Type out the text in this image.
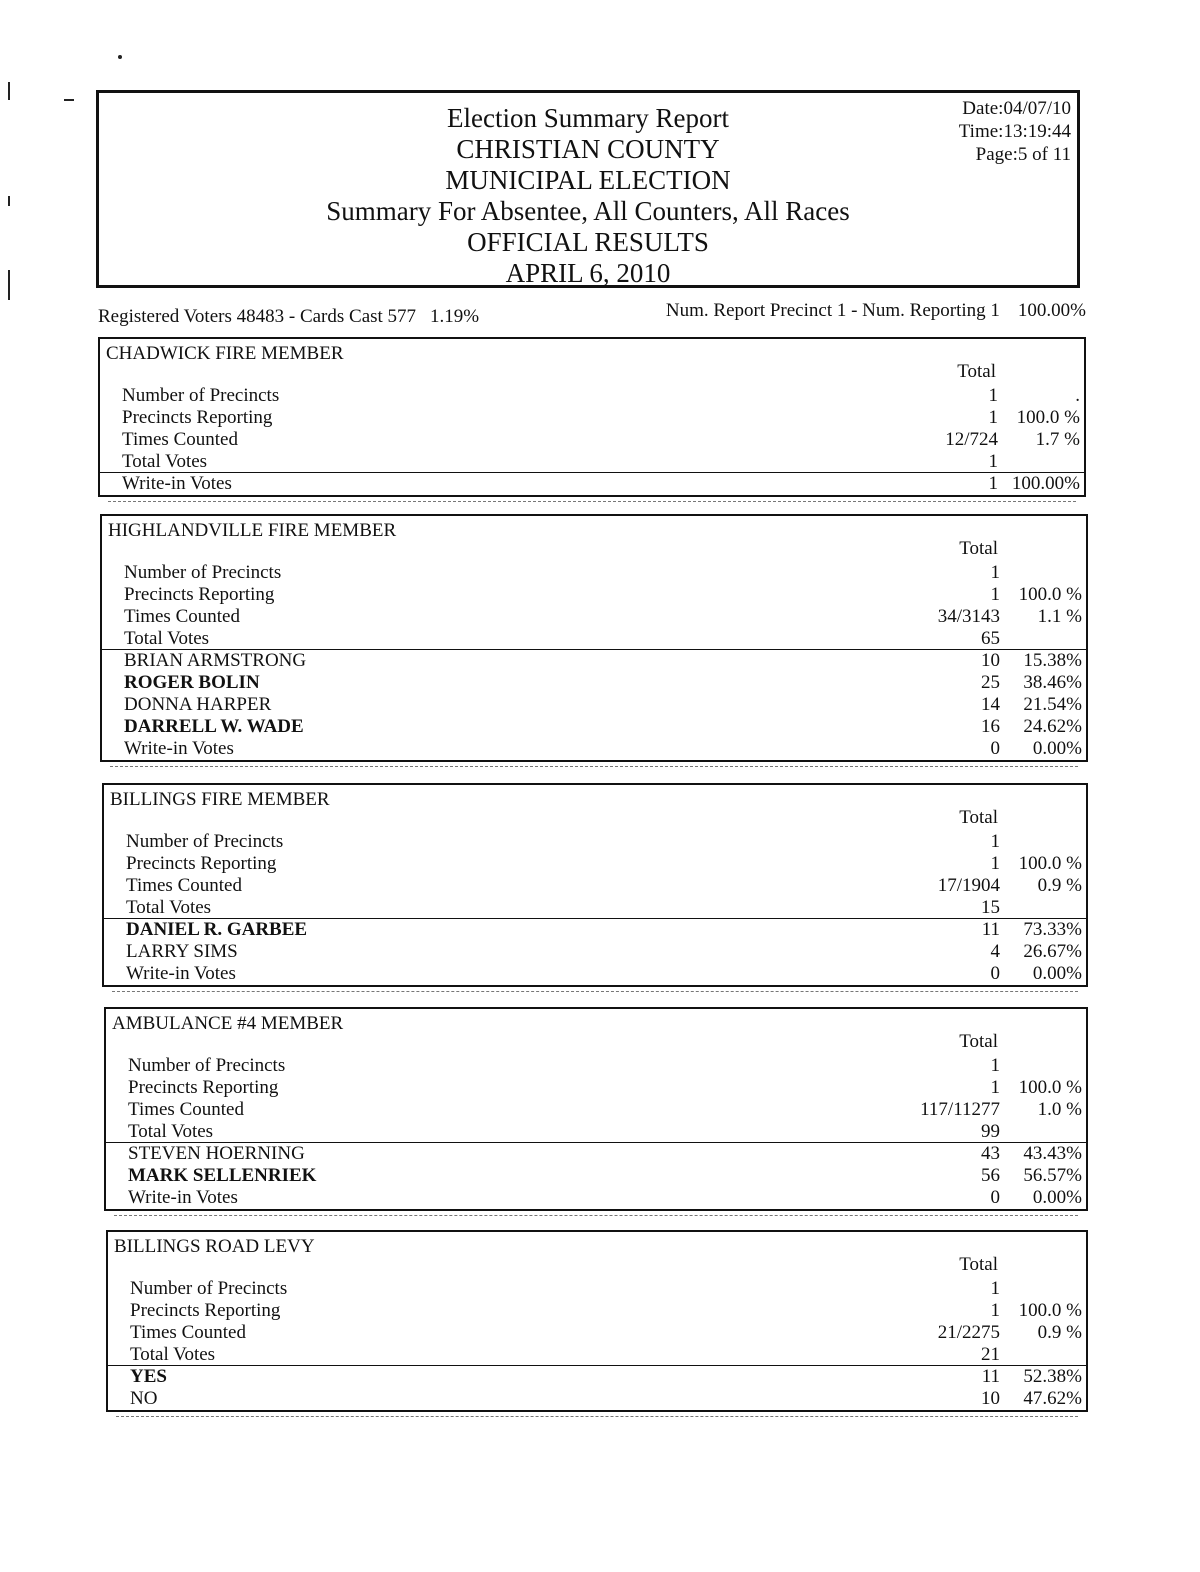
Election Summary Report
CHRISTIAN COUNTY
MUNICIPAL ELECTION
Summary For Absentee, All Counters, All Races
OFFICIAL RESULTS
APRIL 6, 2010
Date:04/07/10
Time:13:19:44
Page:5 of 11
Registered Voters 48483 - Cards Cast 577 1.19%	Num. Report Precinct 1 - Num. Reporting 1 100.00%
CHADWICK FIRE MEMBER
Total
Number of Precincts	1	.
Precincts Reporting	1 100.0 %
Times Counted	12/724 1.7 %
Total Votes	1
Write-in Votes	1 100.00%
HIGHLANDVILLE FIRE MEMBER
Total
Number of Precincts	1
Precincts Reporting	1 100.0 %
Times Counted	34/3143 1.1 %
Total Votes	65
BRIAN ARMSTRONG	10 15.38%
ROGER BOLIN	25 38.46%
DONNA HARPER	14 21.54%
DARRELL W. WADE	16 24.62%
Write-in Votes	0 0.00%
BILLINGS FIRE MEMBER
Total
Number of Precincts	1
Precincts Reporting	1 100.0 %
Times Counted	17/1904 0.9 %
Total Votes	15
DANIEL R. GARBEE	11 73.33%
LARRY SIMS	4 26.67%
Write-in Votes	0 0.00%
AMBULANCE #4 MEMBER
Total
Number of Precincts	1
Precincts Reporting	1 100.0 %
Times Counted	117/11277 1.0 %
Total Votes	99
STEVEN HOERNING	43 43.43%
MARK SELLENRIEK	56 56.57%
Write-in Votes	0 0.00%
BILLINGS ROAD LEVY
Total
Number of Precincts	1
Precincts Reporting	1 100.0 %
Times Counted	21/2275 0.9 %
Total Votes	21
YES	11 52.38%
NO	10 47.62%
